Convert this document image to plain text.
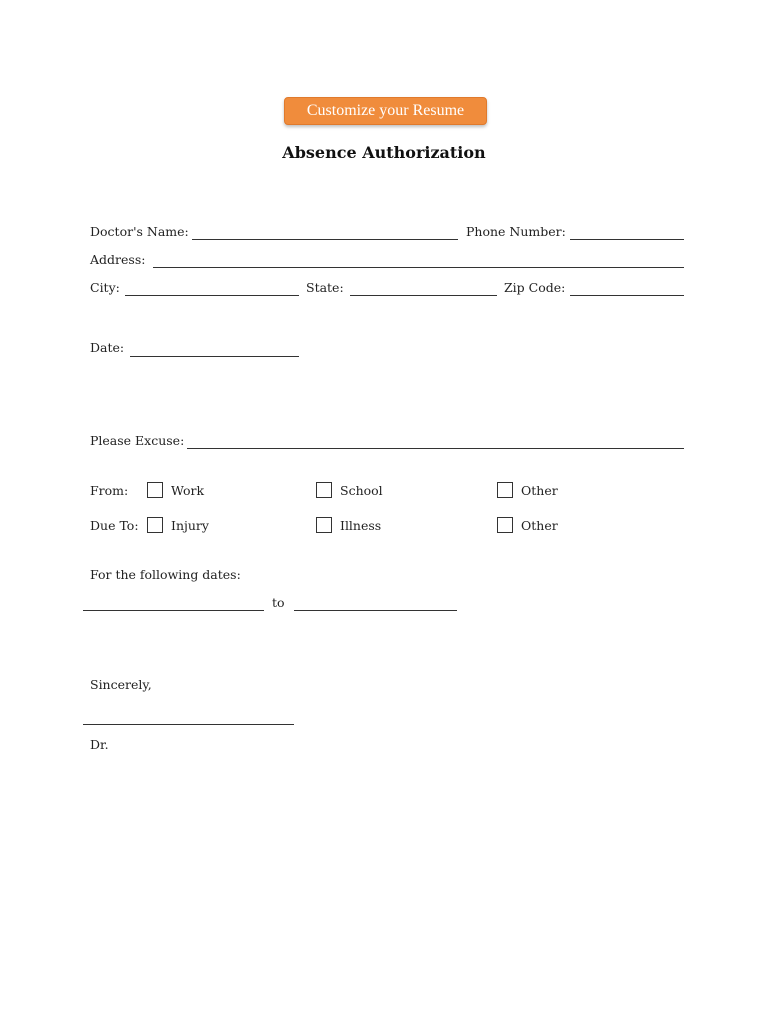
Customize your Resume
Absence Authorization
Doctor's Name:	Phone Number:
Address:
City:	State:	Zip Code:
Date:
Please Excuse:
From:	Work	School	Other
Due To:	Injury	Illness	Other
For the following dates:
to
Sincerely,
Dr.
